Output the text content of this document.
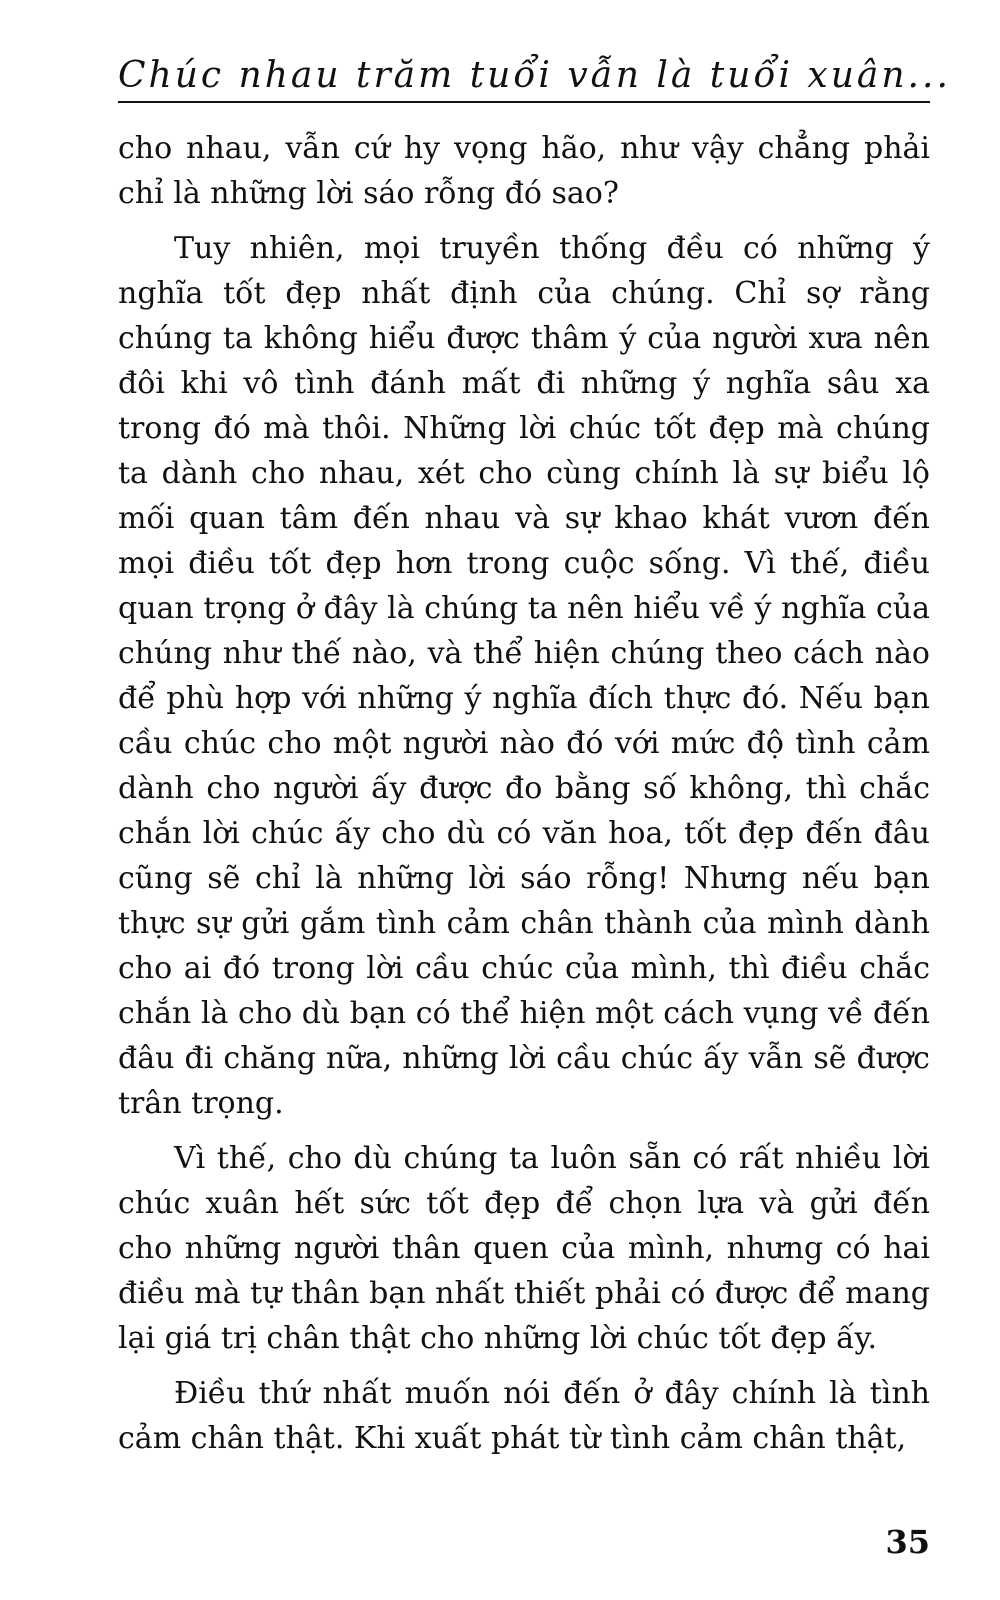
Chúc nhau trăm tuổi vẫn là tuổi xuân...

cho nhau, vẫn cứ hy vọng hão, như vậy chẳng phải chỉ là những lời sáo rỗng đó sao?

Tuy nhiên, mọi truyền thống đều có những ý nghĩa tốt đẹp nhất định của chúng. Chỉ sợ rằng chúng ta không hiểu được thâm ý của người xưa nên đôi khi vô tình đánh mất đi những ý nghĩa sâu xa trong đó mà thôi. Những lời chúc tốt đẹp mà chúng ta dành cho nhau, xét cho cùng chính là sự biểu lộ mối quan tâm đến nhau và sự khao khát vươn đến mọi điều tốt đẹp hơn trong cuộc sống. Vì thế, điều quan trọng ở đây là chúng ta nên hiểu về ý nghĩa của chúng như thế nào, và thể hiện chúng theo cách nào để phù hợp với những ý nghĩa đích thực đó. Nếu bạn cầu chúc cho một người nào đó với mức độ tình cảm dành cho người ấy được đo bằng số không, thì chắc chắn lời chúc ấy cho dù có văn hoa, tốt đẹp đến đâu cũng sẽ chỉ là những lời sáo rỗng! Nhưng nếu bạn thực sự gửi gắm tình cảm chân thành của mình dành cho ai đó trong lời cầu chúc của mình, thì điều chắc chắn là cho dù bạn có thể hiện một cách vụng về đến đâu đi chăng nữa, những lời cầu chúc ấy vẫn sẽ được trân trọng.

Vì thế, cho dù chúng ta luôn sẵn có rất nhiều lời chúc xuân hết sức tốt đẹp để chọn lựa và gửi đến cho những người thân quen của mình, nhưng có hai điều mà tự thân bạn nhất thiết phải có được để mang lại giá trị chân thật cho những lời chúc tốt đẹp ấy.

Điều thứ nhất muốn nói đến ở đây chính là tình cảm chân thật. Khi xuất phát từ tình cảm chân thật,

35
